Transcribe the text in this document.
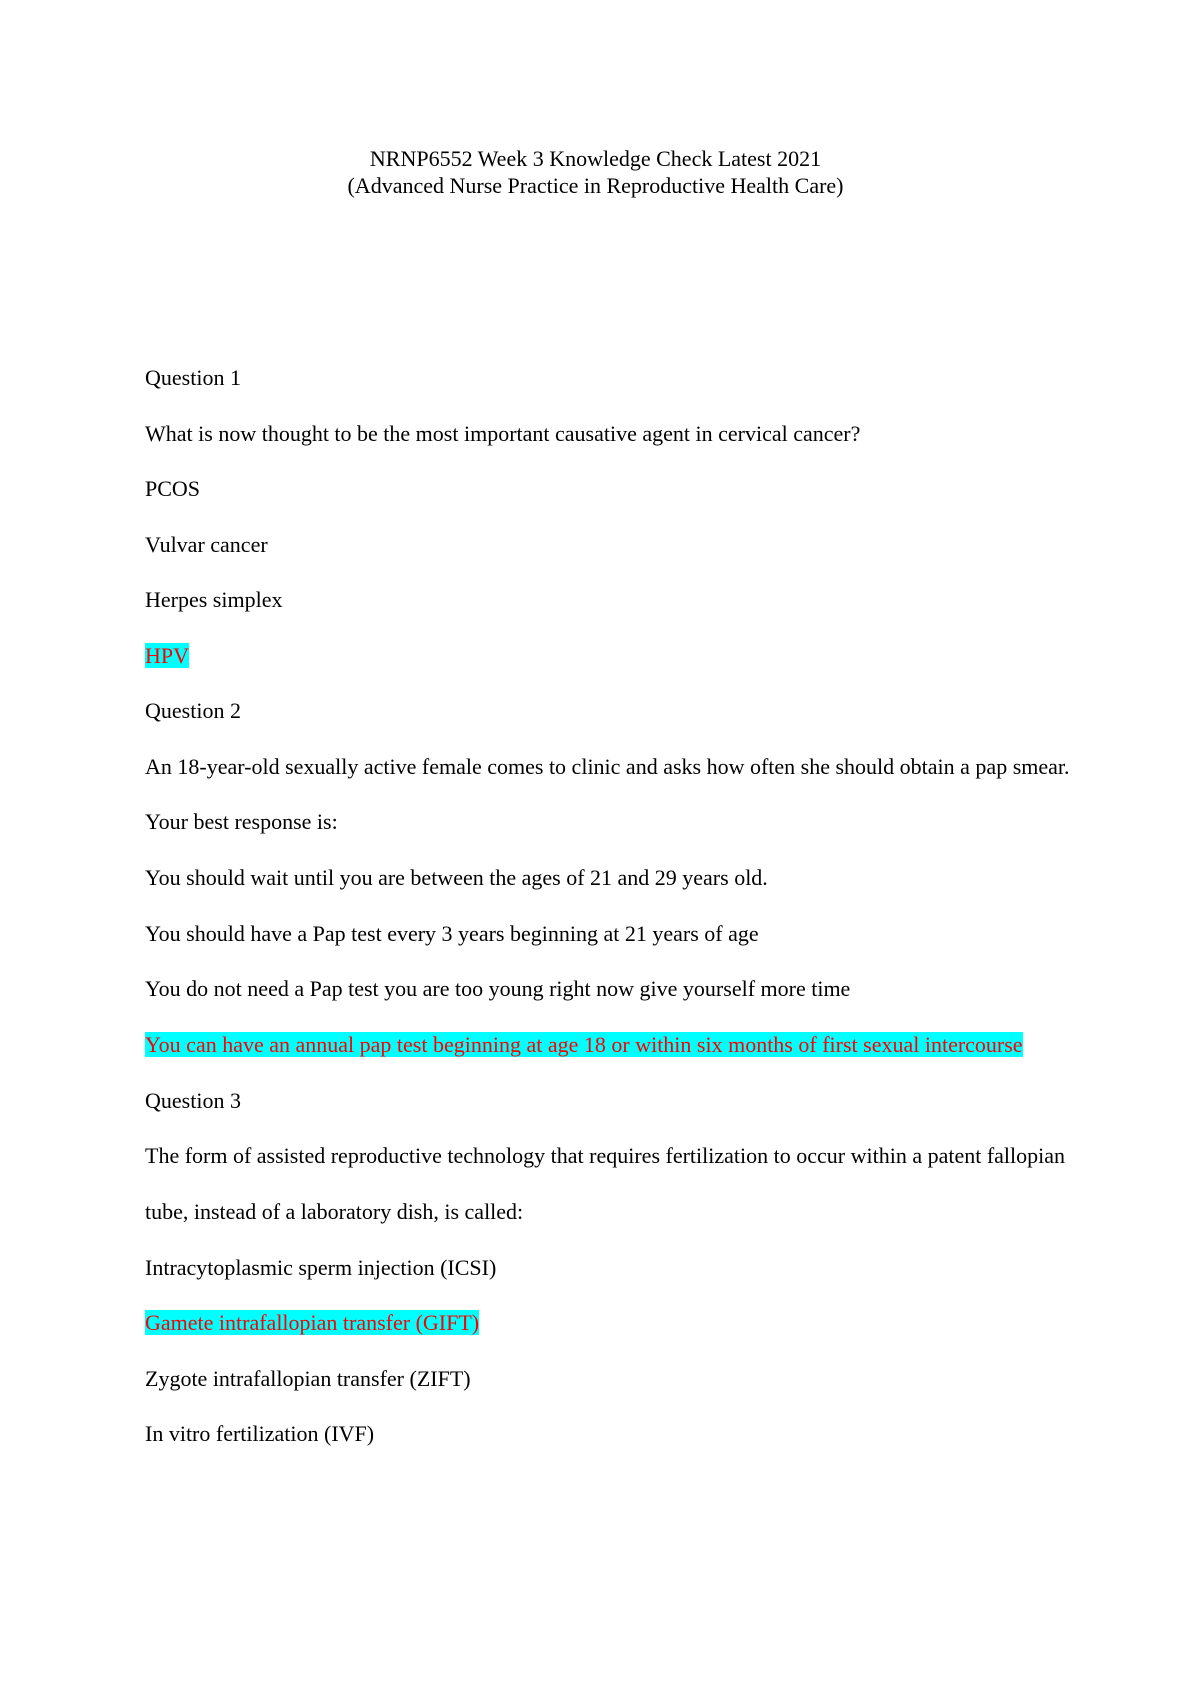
NRNP6552 Week 3 Knowledge Check Latest 2021
(Advanced Nurse Practice in Reproductive Health Care)
Question 1
What is now thought to be the most important causative agent in cervical cancer?
PCOS
Vulvar cancer
Herpes simplex
HPV
Question 2
An 18-year-old sexually active female comes to clinic and asks how often she should obtain a pap smear. Your best response is:
You should wait until you are between the ages of 21 and 29 years old.
You should have a Pap test every 3 years beginning at 21 years of age
You do not need a Pap test you are too young right now give yourself more time
You can have an annual pap test beginning at age 18 or within six months of first sexual intercourse
Question 3
The form of assisted reproductive technology that requires fertilization to occur within a patent fallopian tube, instead of a laboratory dish, is called:
Intracytoplasmic sperm injection (ICSI)
Gamete intrafallopian transfer (GIFT)
Zygote intrafallopian transfer (ZIFT)
In vitro fertilization (IVF)
